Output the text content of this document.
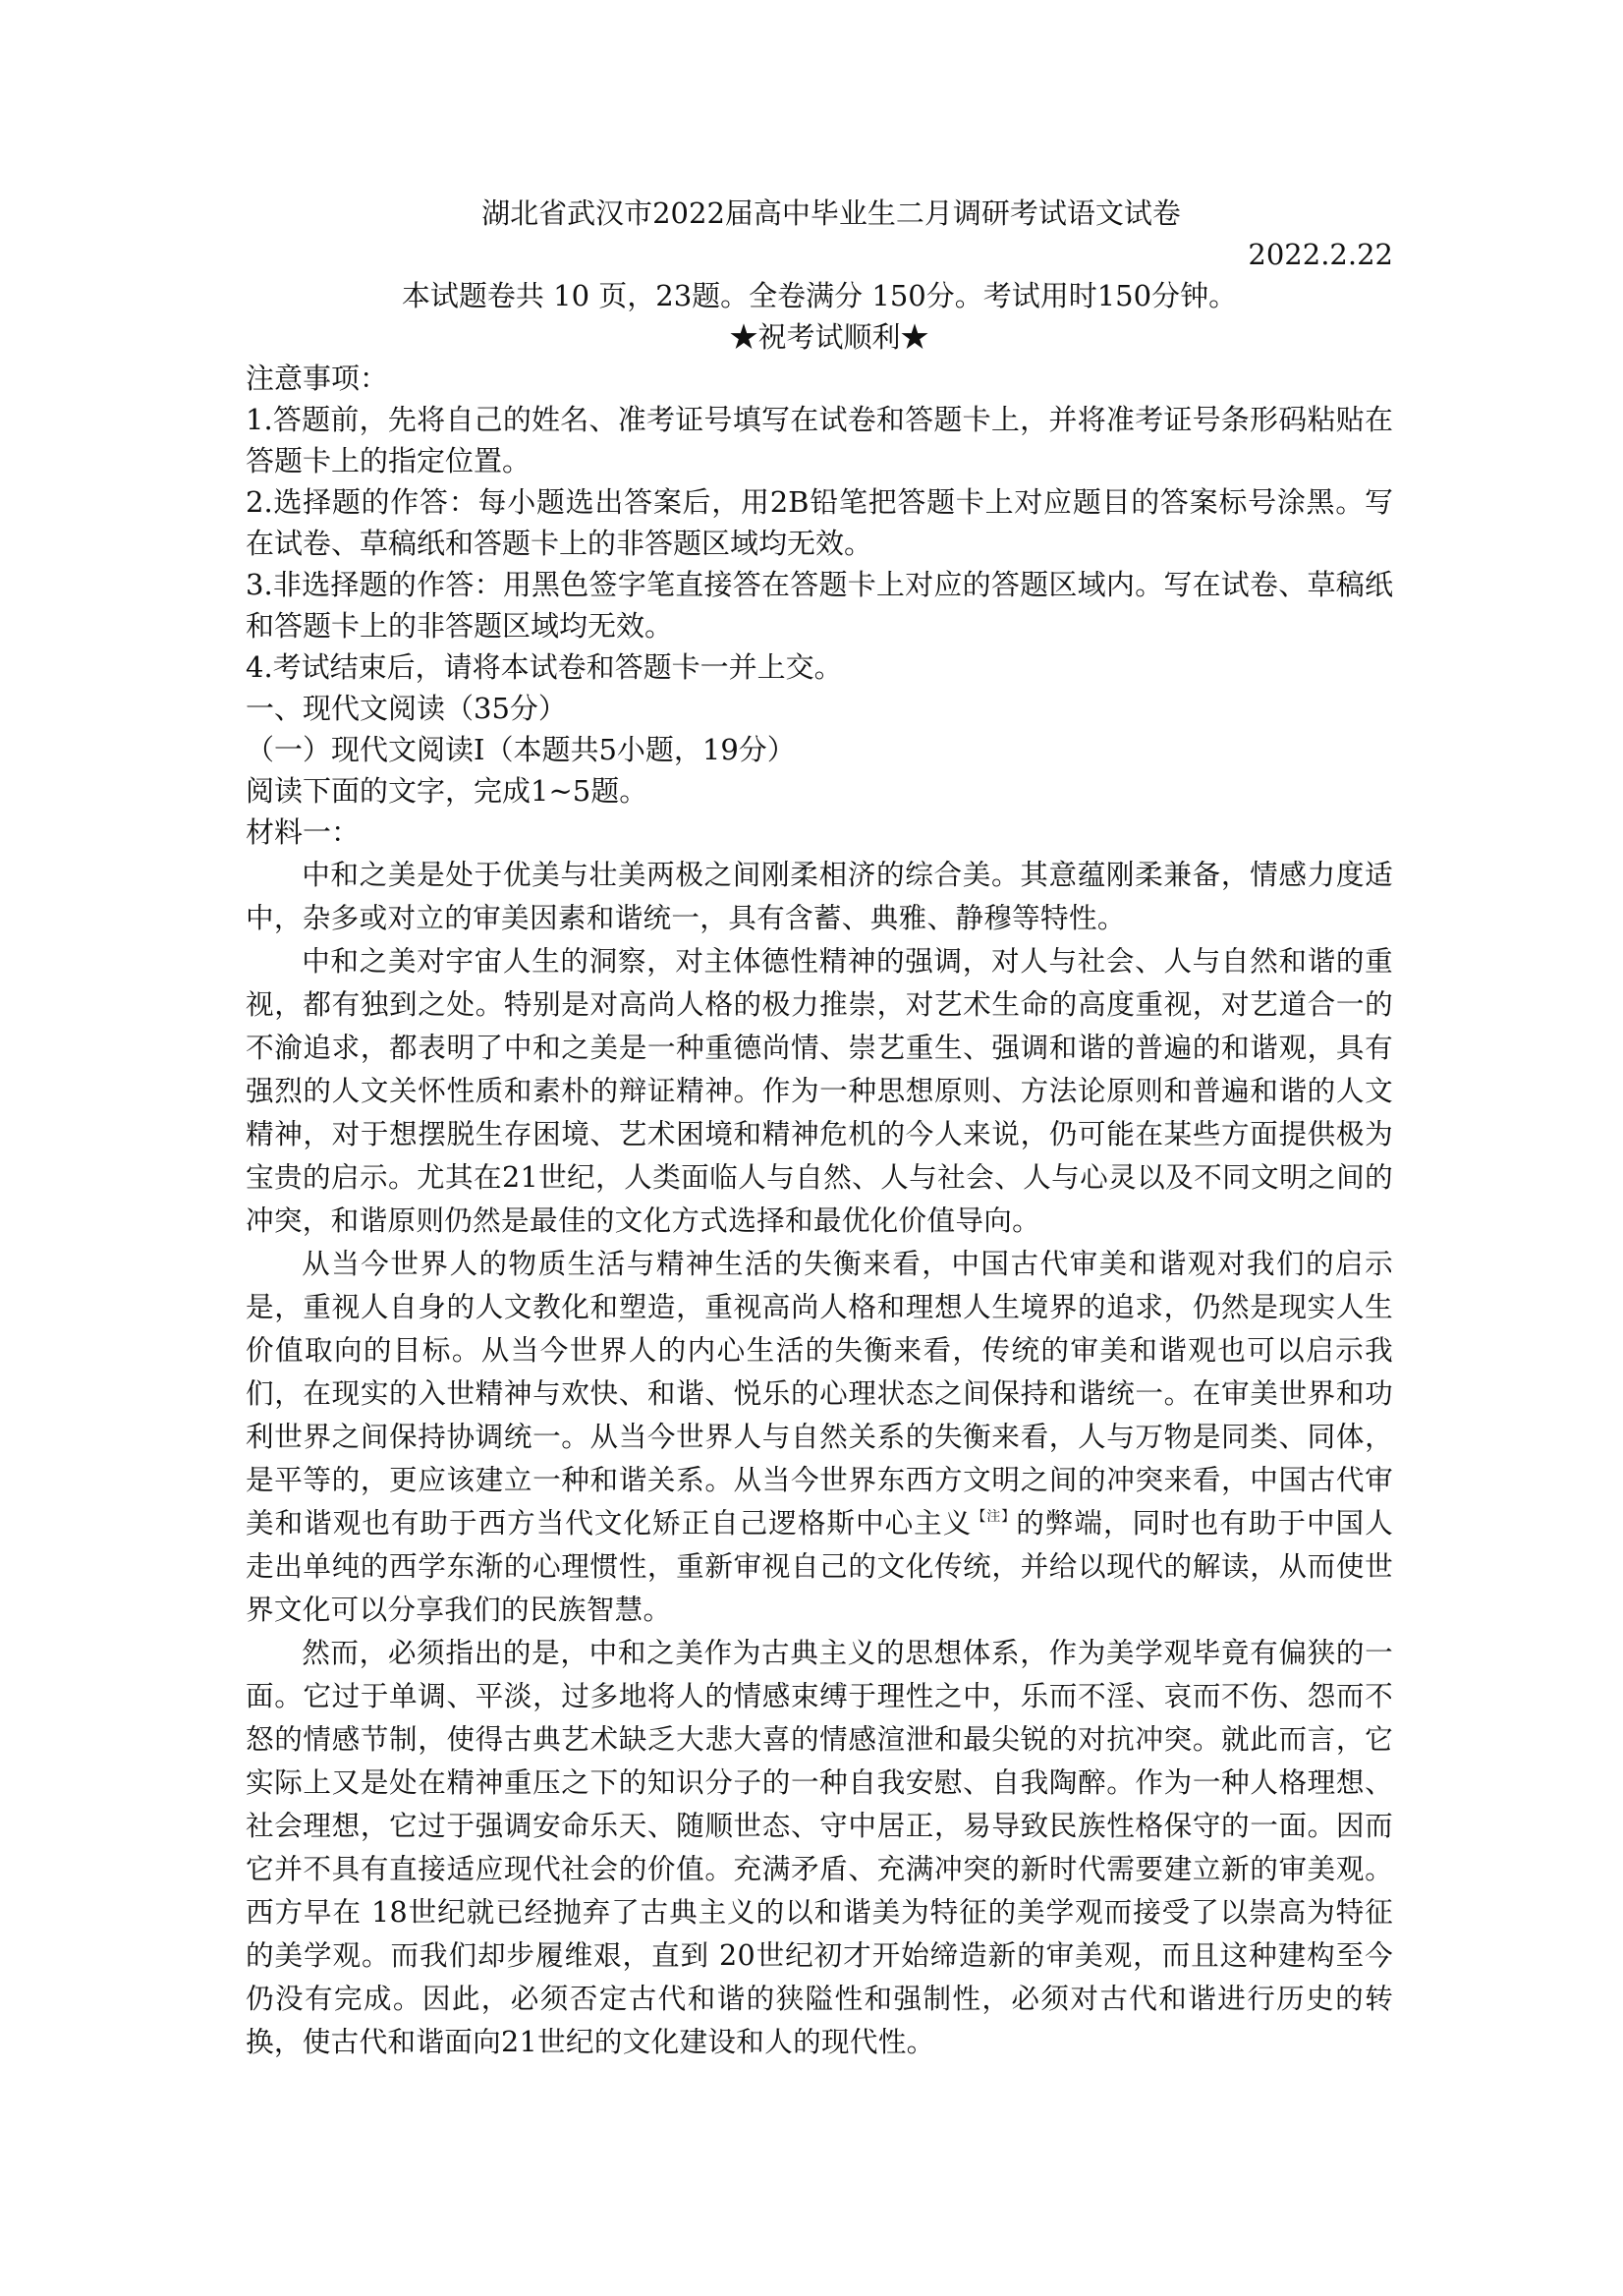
湖北省武汉市2022届高中毕业生二月调研考试语文试卷

2022.2.22

本试题卷共 10 页，23题。全卷满分 150分。考试用时150分钟。

★祝考试顺利★

注意事项：

1.答题前，先将自己的姓名、准考证号填写在试卷和答题卡上，并将准考证号条形码粘贴在答题卡上的指定位置。

2.选择题的作答：每小题选出答案后，用2B铅笔把答题卡上对应题目的答案标号涂黑。写在试卷、草稿纸和答题卡上的非答题区域均无效。

3.非选择题的作答：用黑色签字笔直接答在答题卡上对应的答题区域内。写在试卷、草稿纸和答题卡上的非答题区域均无效。

4.考试结束后，请将本试卷和答题卡一并上交。

一、现代文阅读（35分）

（一）现代文阅读Ⅰ（本题共5小题，19分）

阅读下面的文字，完成1~5题。

材料一：

中和之美是处于优美与壮美两极之间刚柔相济的综合美。其意蕴刚柔兼备，情感力度适中，杂多或对立的审美因素和谐统一，具有含蓄、典雅、静穆等特性。

中和之美对宇宙人生的洞察，对主体德性精神的强调，对人与社会、人与自然和谐的重视，都有独到之处。特别是对高尚人格的极力推崇，对艺术生命的高度重视，对艺道合一的不渝追求，都表明了中和之美是一种重德尚情、崇艺重生、强调和谐的普遍的和谐观，具有强烈的人文关怀性质和素朴的辩证精神。作为一种思想原则、方法论原则和普遍和谐的人文精神，对于想摆脱生存困境、艺术困境和精神危机的今人来说，仍可能在某些方面提供极为宝贵的启示。尤其在21世纪，人类面临人与自然、人与社会、人与心灵以及不同文明之间的冲突，和谐原则仍然是最佳的文化方式选择和最优化价值导向。

从当今世界人的物质生活与精神生活的失衡来看，中国古代审美和谐观对我们的启示是，重视人自身的人文教化和塑造，重视高尚人格和理想人生境界的追求，仍然是现实人生价值取向的目标。从当今世界人的内心生活的失衡来看，传统的审美和谐观也可以启示我们，在现实的入世精神与欢快、和谐、悦乐的心理状态之间保持和谐统一。在审美世界和功利世界之间保持协调统一。从当今世界人与自然关系的失衡来看，人与万物是同类、同体，是平等的，更应该建立一种和谐关系。从当今世界东西方文明之间的冲突来看，中国古代审美和谐观也有助于西方当代文化矫正自己逻格斯中心主义$^{【注】}$的弊端，同时也有助于中国人走出单纯的西学东渐的心理惯性，重新审视自己的文化传统，并给以现代的解读，从而使世界文化可以分享我们的民族智慧。

然而，必须指出的是，中和之美作为古典主义的思想体系，作为美学观毕竟有偏狭的一面。它过于单调、平淡，过多地将人的情感束缚于理性之中，乐而不淫、哀而不伤、怨而不怒的情感节制，使得古典艺术缺乏大悲大喜的情感渲泄和最尖锐的对抗冲突。就此而言，它实际上又是处在精神重压之下的知识分子的一种自我安慰、自我陶醉。作为一种人格理想、社会理想，它过于强调安命乐天、随顺世态、守中居正，易导致民族性格保守的一面。因而它并不具有直接适应现代社会的价值。充满矛盾、充满冲突的新时代需要建立新的审美观。西方早在 18世纪就已经抛弃了古典主义的以和谐美为特征的美学观而接受了以崇高为特征的美学观。而我们却步履维艰，直到 20世纪初才开始缔造新的审美观，而且这种建构至今仍没有完成。因此，必须否定古代和谐的狭隘性和强制性，必须对古代和谐进行历史的转换，使古代和谐面向21世纪的文化建设和人的现代性。
